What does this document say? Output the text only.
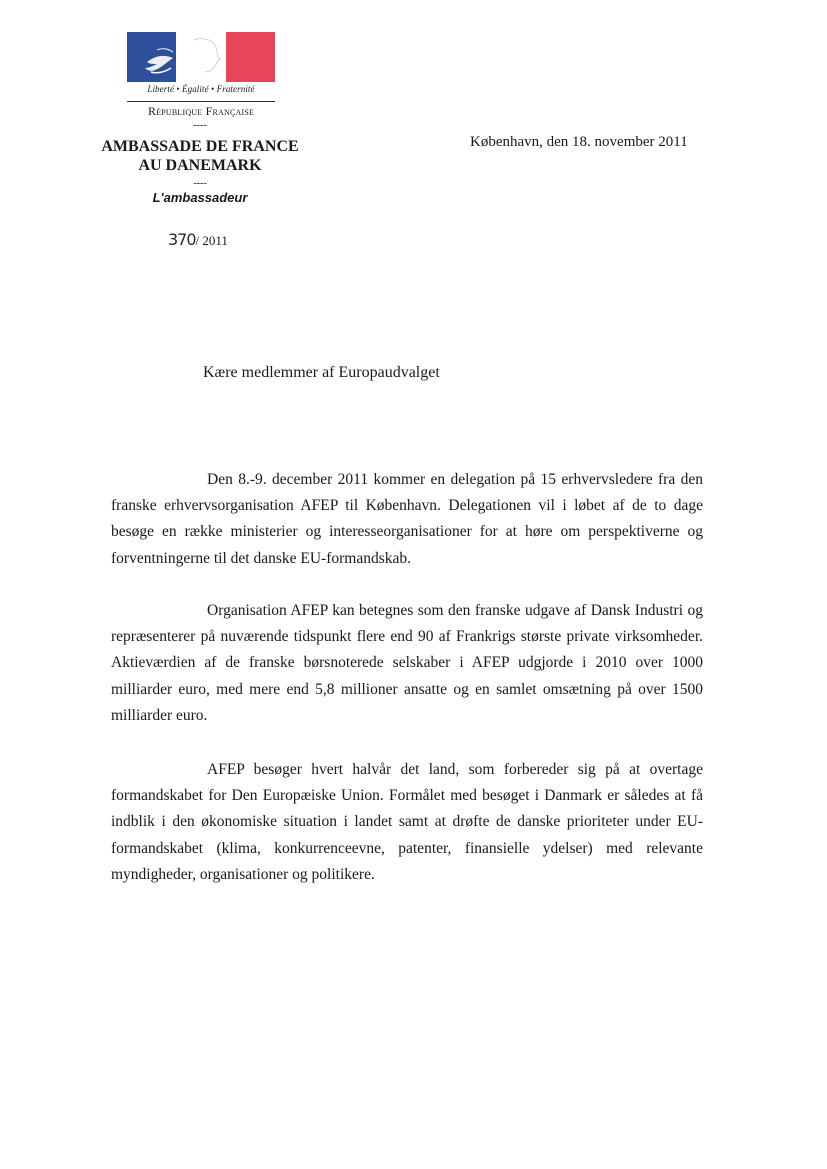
Liberté • Égalité • Fraternité
République Française
----
AMBASSADE DE FRANCE
AU DANEMARK
----
L'ambassadeur
370/ 2011
København, den 18. november 2011
Kære medlemmer af Europaudvalget

Den 8.-9. december 2011 kommer en delegation på 15 erhvervsledere fra den franske erhvervsorganisation AFEP til København. Delegationen vil i løbet af de to dage besøge en række ministerier og interesseorganisationer for at høre om perspektiverne og forventningerne til det danske EU-formandskab.

Organisation AFEP kan betegnes som den franske udgave af Dansk Industri og repræsenterer på nuværende tidspunkt flere end 90 af Frankrigs største private virksomheder. Aktieværdien af de franske børsnoterede selskaber i AFEP udgjorde i 2010 over 1000 milliarder euro, med mere end 5,8 millioner ansatte og en samlet omsætning på over 1500 milliarder euro.

AFEP besøger hvert halvår det land, som forbereder sig på at overtage formandskabet for Den Europæiske Union. Formålet med besøget i Danmark er således at få indblik i den økonomiske situation i landet samt at drøfte de danske prioriteter under EU-formandskabet (klima, konkurrenceevne, patenter, finansielle ydelser) med relevante myndigheder, organisationer og politikere.
